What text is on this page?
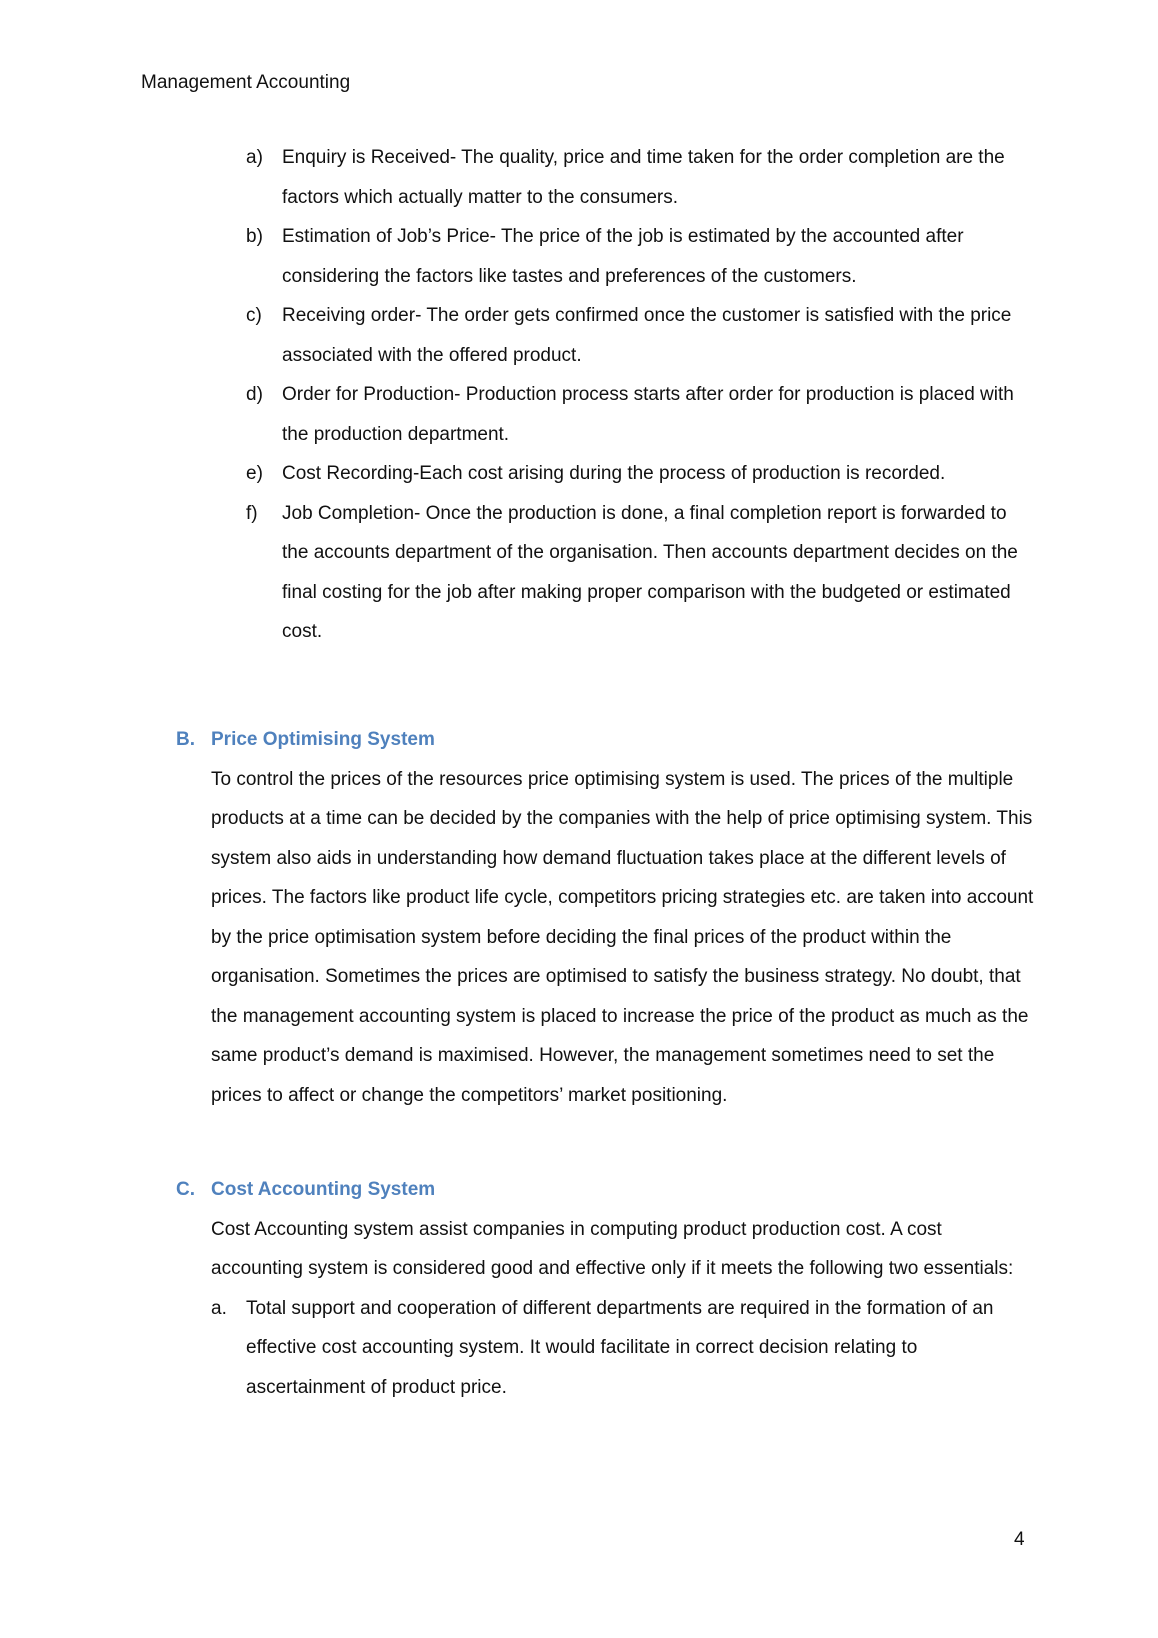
Management Accounting
a)	Enquiry is Received- The quality, price and time taken for the order completion are the factors which actually matter to the consumers.
b)	Estimation of Job’s Price- The price of the job is estimated by the accounted after considering the factors like tastes and preferences of the customers.
c)	Receiving order- The order gets confirmed once the customer is satisfied with the price associated with the offered product.
d)	Order for Production- Production process starts after order for production is placed with the production department.
e)	Cost Recording-Each cost arising during the process of production is recorded.
f)	Job Completion- Once the production is done, a final completion report is forwarded to the accounts department of the organisation. Then accounts department decides on the final costing for the job after making proper comparison with the budgeted or estimated cost.
B. Price Optimising System
To control the prices of the resources price optimising system is used. The prices of the multiple products at a time can be decided by the companies with the help of price optimising system. This system also aids in understanding how demand fluctuation takes place at the different levels of prices. The factors like product life cycle, competitors pricing strategies etc. are taken into account by the price optimisation system before deciding the final prices of the product within the organisation. Sometimes the prices are optimised to satisfy the business strategy. No doubt, that the management accounting system is placed to increase the price of the product as much as the same product’s demand is maximised. However, the management sometimes need to set the prices to affect or change the competitors’ market positioning.
C. Cost Accounting System
Cost Accounting system assist companies in computing product production cost. A cost accounting system is considered good and effective only if it meets the following two essentials:
a.	Total support and cooperation of different departments are required in the formation of an effective cost accounting system. It would facilitate in correct decision relating to ascertainment of product price.
4
